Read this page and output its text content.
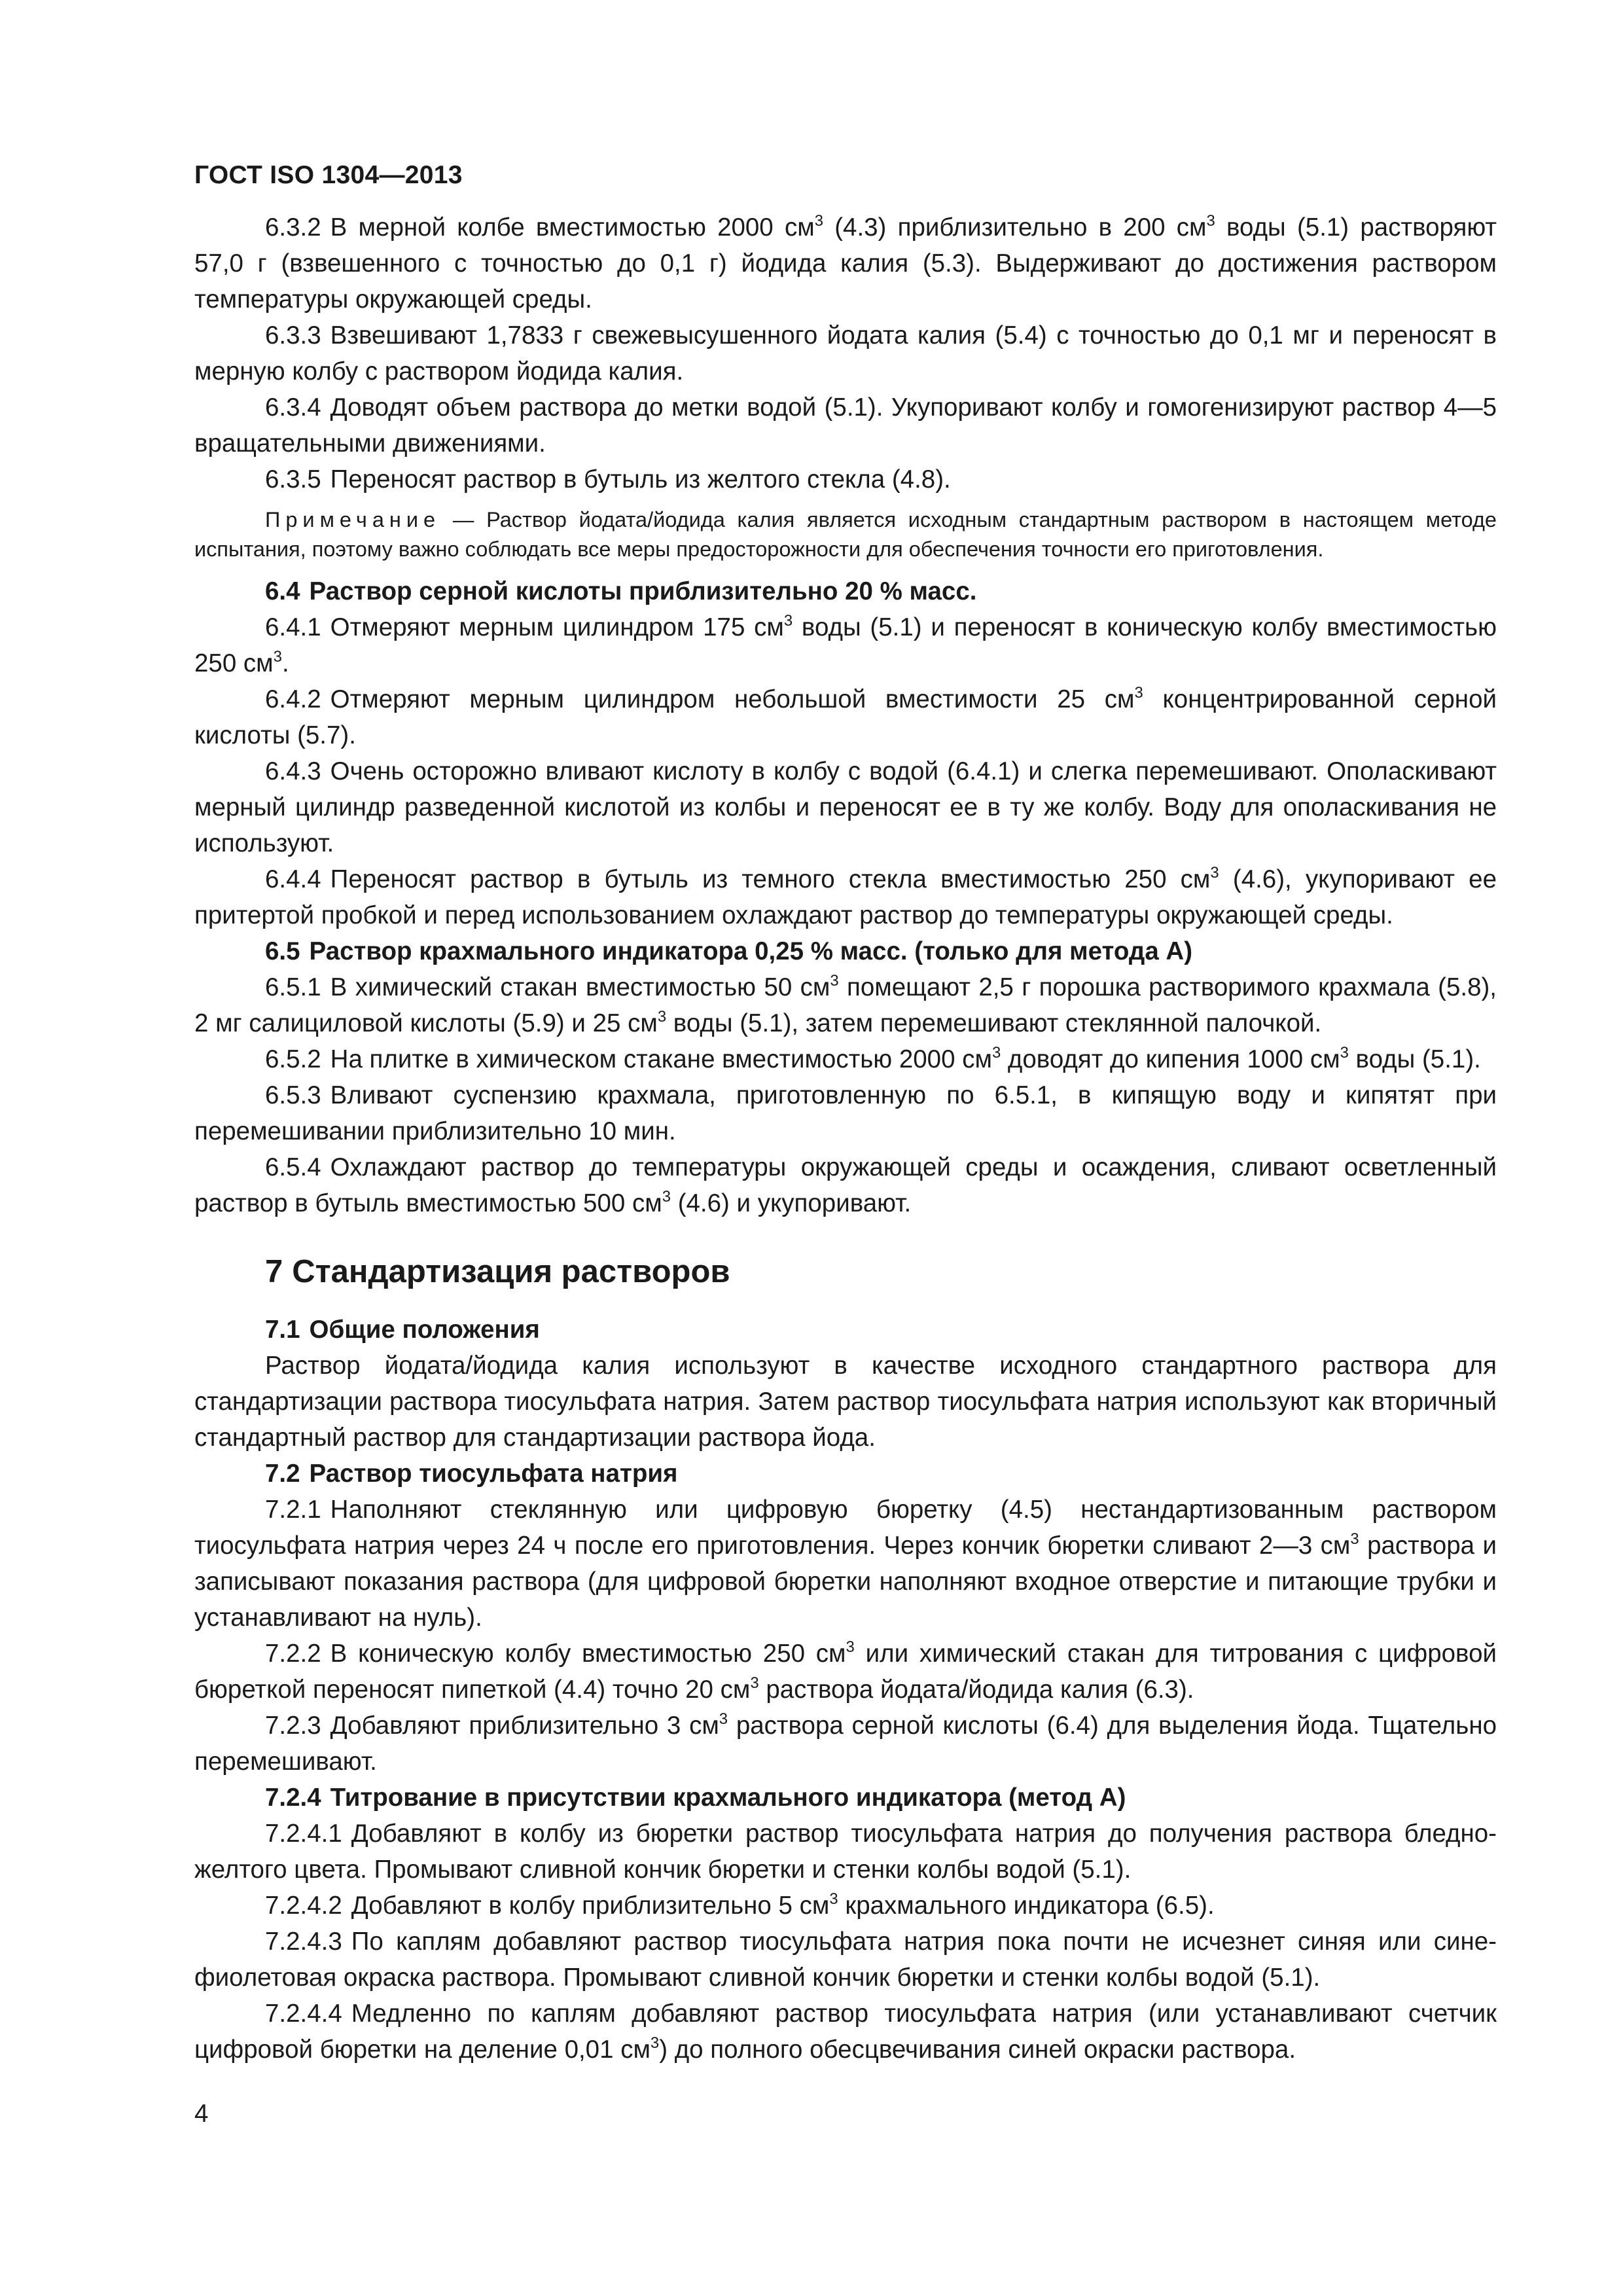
ГОСТ ISO 1304—2013

6.3.2 В мерной колбе вместимостью 2000 $см^3$ (4.3) приблизительно в 200 $см^3$ воды (5.1) растворяют 57,0 г (взвешенного с точностью до 0,1 г) йодида калия (5.3). Выдерживают до достижения раствором температуры окружающей среды.

6.3.3 Взвешивают 1,7833 г свежевысушенного йодата калия (5.4) с точностью до 0,1 мг и переносят в мерную колбу с раствором йодида калия.

6.3.4 Доводят объем раствора до метки водой (5.1). Укупоривают колбу и гомогенизируют раствор 4—5 вращательными движениями.

6.3.5 Переносят раствор в бутыль из желтого стекла (4.8).

Примечание — Раствор йодата/йодида калия является исходным стандартным раствором в настоящем методе испытания, поэтому важно соблюдать все меры предосторожности для обеспечения точности его приготовления.

6.4 Раствор серной кислоты приблизительно 20 % масс.

6.4.1 Отмеряют мерным цилиндром 175 $см^3$ воды (5.1) и переносят в коническую колбу вместимостью 250 $см^3$.

6.4.2 Отмеряют мерным цилиндром небольшой вместимости 25 $см^3$ концентрированной серной кислоты (5.7).

6.4.3 Очень осторожно вливают кислоту в колбу с водой (6.4.1) и слегка перемешивают. Ополаскивают мерный цилиндр разведенной кислотой из колбы и переносят ее в ту же колбу. Воду для ополаскивания не используют.

6.4.4 Переносят раствор в бутыль из темного стекла вместимостью 250 $см^3$ (4.6), укупоривают ее притертой пробкой и перед использованием охлаждают раствор до температуры окружающей среды.

6.5 Раствор крахмального индикатора 0,25 % масс. (только для метода А)

6.5.1 В химический стакан вместимостью 50 $см^3$ помещают 2,5 г порошка растворимого крахмала (5.8), 2 мг салициловой кислоты (5.9) и 25 $см^3$ воды (5.1), затем перемешивают стеклянной палочкой.

6.5.2 На плитке в химическом стакане вместимостью 2000 $см^3$ доводят до кипения 1000 $см^3$ воды (5.1).

6.5.3 Вливают суспензию крахмала, приготовленную по 6.5.1, в кипящую воду и кипятят при перемешивании приблизительно 10 мин.

6.5.4 Охлаждают раствор до температуры окружающей среды и осаждения, сливают осветленный раствор в бутыль вместимостью 500 $см^3$ (4.6) и укупоривают.

7 Стандартизация растворов

7.1 Общие положения

Раствор йодата/йодида калия используют в качестве исходного стандартного раствора для стандартизации раствора тиосульфата натрия. Затем раствор тиосульфата натрия используют как вторичный стандартный раствор для стандартизации раствора йода.

7.2 Раствор тиосульфата натрия

7.2.1 Наполняют стеклянную или цифровую бюретку (4.5) нестандартизованным раствором тиосульфата натрия через 24 ч после его приготовления. Через кончик бюретки сливают 2—3 $см^3$ раствора и записывают показания раствора (для цифровой бюретки наполняют входное отверстие и питающие трубки и устанавливают на нуль).

7.2.2 В коническую колбу вместимостью 250 $см^3$ или химический стакан для титрования с цифровой бюреткой переносят пипеткой (4.4) точно 20 $см^3$ раствора йодата/йодида калия (6.3).

7.2.3 Добавляют приблизительно 3 $см^3$ раствора серной кислоты (6.4) для выделения йода. Тщательно перемешивают.

7.2.4 Титрование в присутствии крахмального индикатора (метод А)

7.2.4.1 Добавляют в колбу из бюретки раствор тиосульфата натрия до получения раствора бледно-желтого цвета. Промывают сливной кончик бюретки и стенки колбы водой (5.1).

7.2.4.2 Добавляют в колбу приблизительно 5 $см^3$ крахмального индикатора (6.5).

7.2.4.3 По каплям добавляют раствор тиосульфата натрия пока почти не исчезнет синяя или сине-фиолетовая окраска раствора. Промывают сливной кончик бюретки и стенки колбы водой (5.1).

7.2.4.4 Медленно по каплям добавляют раствор тиосульфата натрия (или устанавливают счетчик цифровой бюретки на деление 0,01 $см^3$) до полного обесцвечивания синей окраски раствора.

4
